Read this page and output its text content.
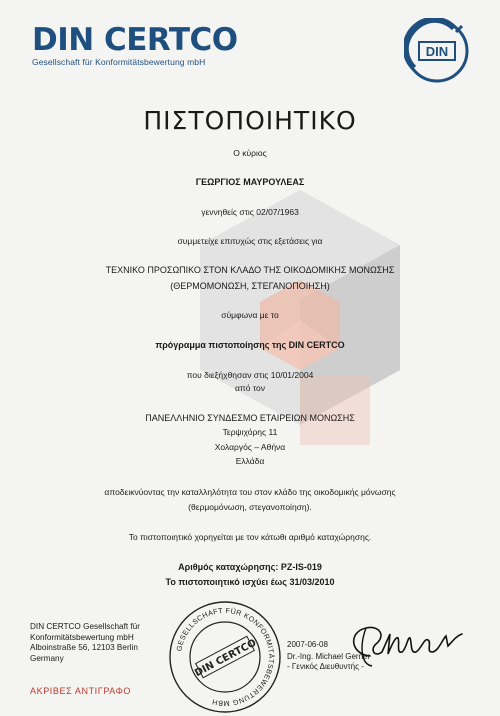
DIN CERTCO
Gesellschaft für Konformitätsbewertung mbH
DIN
ΠΙΣΤΟΠΟΙΗΤΙΚΟ
Ο κύριος
ΓΕΩΡΓΙΟΣ ΜΑΥΡΟΥΛΕΑΣ
γεννηθείς στις 02/07/1963
συμμετείχε επιτυχώς στις εξετάσεις για
ΤΕΧΝΙΚΟ ΠΡΟΣΩΠΙΚΟ ΣΤΟΝ ΚΛΑΔΟ ΤΗΣ ΟΙΚΟΔΟΜΙΚΗΣ ΜΟΝΩΣΗΣ
(ΘΕΡΜΟΜΟΝΩΣΗ, ΣΤΕΓΑΝΟΠΟΙΗΣΗ)
σύμφωνα με το
πρόγραμμα πιστοποίησης της DIN CERTCO
που διεξήχθησαν στις 10/01/2004
από τον
ΠΑΝΕΛΛΗΝΙΟ ΣΥΝΔΕΣΜΟ ΕΤΑΙΡΕΙΩΝ ΜΟΝΩΣΗΣ
Τερψιχόρης 11
Χολαργός – Αθήνα
Ελλάδα
αποδεικνύοντας την καταλληλότητα του στον κλάδο της οικοδομικής μόνωσης
(θερμομόνωση, στεγανοποίηση).
Το πιστοποιητικό χορηγείται με τον κάτωθι αριθμό καταχώρησης.
Αριθμός καταχώρησης: PZ-IS-019
Το πιστοποιητικό ισχύει έως 31/03/2010
DIN CERTCO Gesellschaft für
Konformitätsbewertung mbH
Alboinstraße 56, 12103 Berlin
Germany
ΑΚΡΙΒΕΣ ΑΝΤΙΓΡΑΦΟ
GESELLSCHAFT FÜR KONFORMITÄTSBEWERTUNG MBH
DIN CERTCO	2007-06-08
Dr.-Ing. Michael Gerner
- Γενικός Διευθυντής -
